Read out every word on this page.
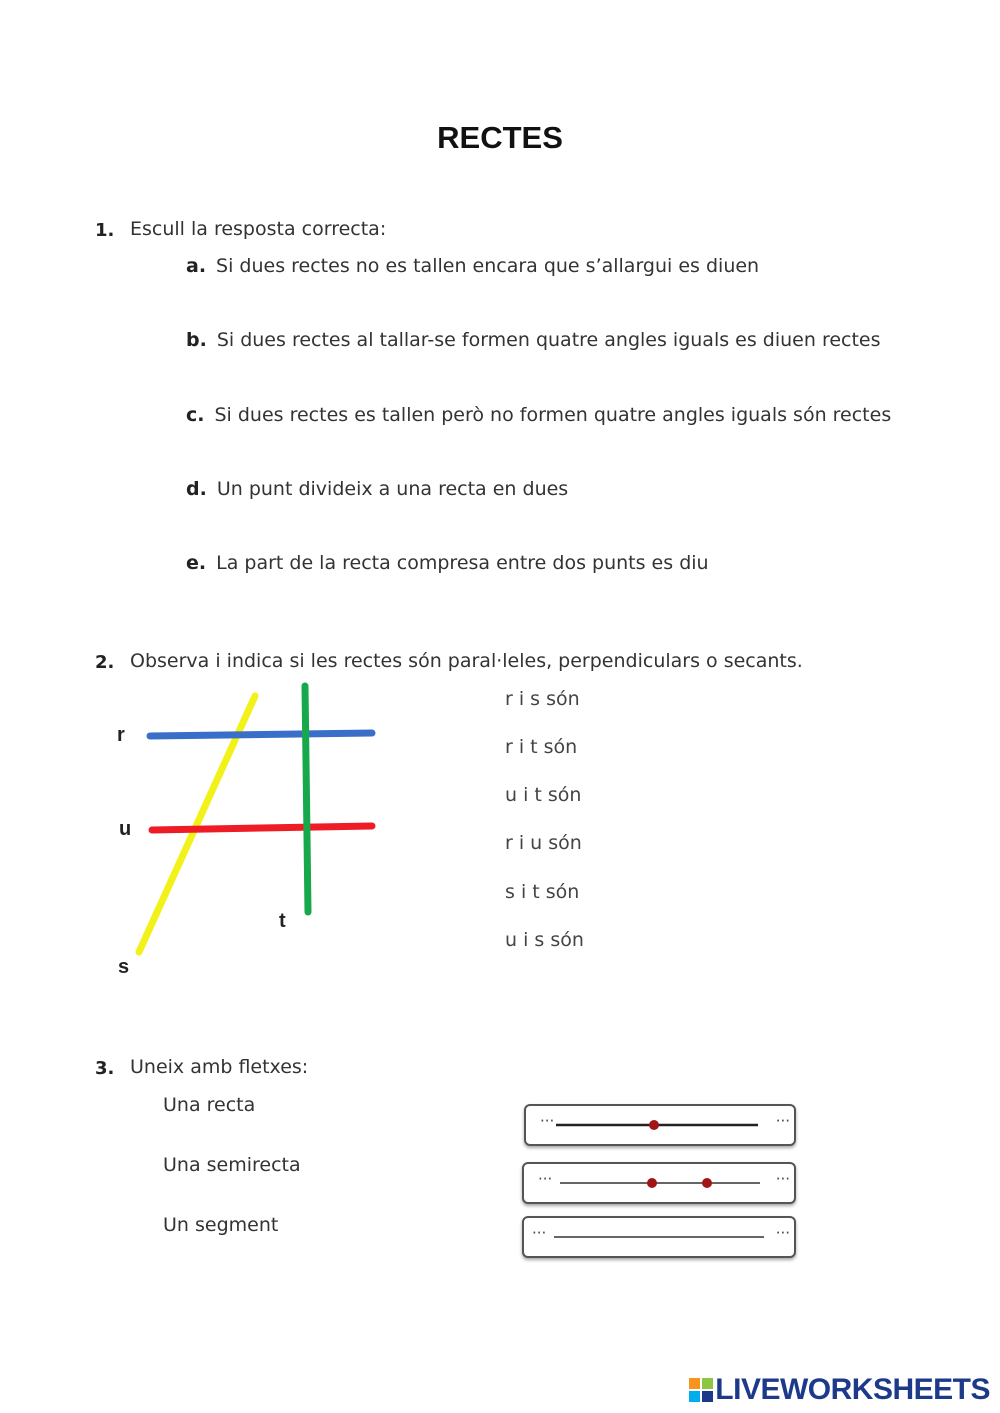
RECTES
1. Escull la resposta correcta:
a. Si dues rectes no es tallen encara que s’allargui es diuen
b. Si dues rectes al tallar-se formen quatre angles iguals es diuen rectes
c. Si dues rectes es tallen però no formen quatre angles iguals són rectes
d. Un punt divideix a una recta en dues
e. La part de la recta compresa entre dos punts es diu
2. Observa i indica si les rectes són paral·leles, perpendiculars o secants.
r
u
t
s
r i s són
r i t són
u i t són
r i u són
s i t són
u i s són
3. Uneix amb fletxes:
Una recta
Una semirecta
Un segment
···	···
···	···
···	···
LIVEWORKSHEETS
